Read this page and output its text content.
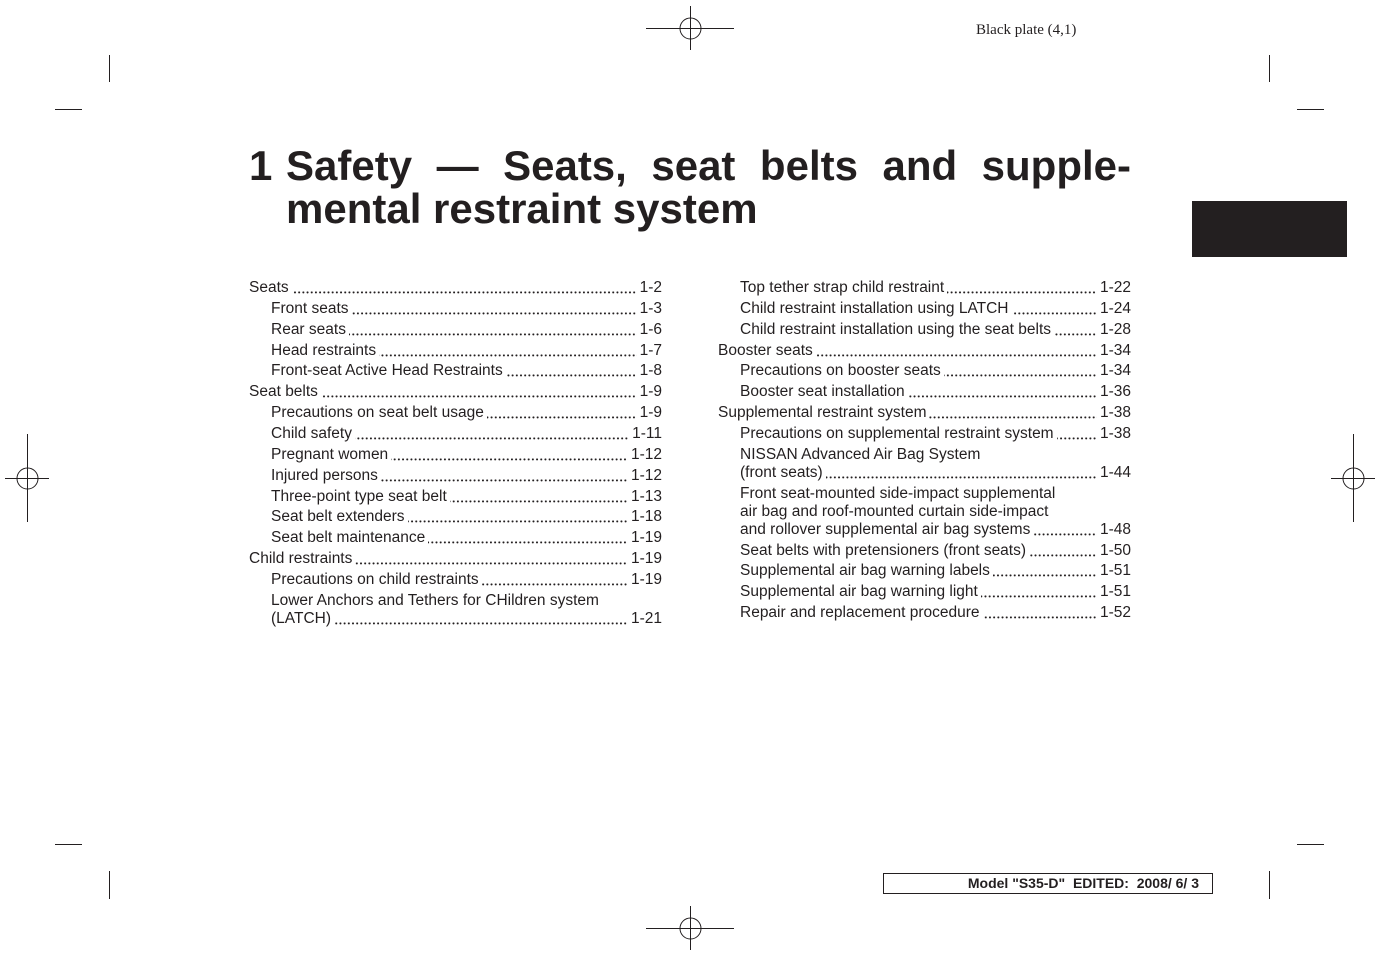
Black plate (4,1)
1 Safety — Seats, seat belts and supple-
mental restraint system
Seats	1-2
Front seats	1-3
Rear seats	1-6
Head restraints	1-7
Front-seat Active Head Restraints	1-8
Seat belts	1-9
Precautions on seat belt usage	1-9
Child safety	1-11
Pregnant women	1-12
Injured persons	1-12
Three-point type seat belt	1-13
Seat belt extenders	1-18
Seat belt maintenance	1-19
Child restraints	1-19
Precautions on child restraints	1-19
Lower Anchors and Tethers for CHildren system
(LATCH)	1-21
Top tether strap child restraint	1-22
Child restraint installation using LATCH	1-24
Child restraint installation using the seat belts	1-28
Booster seats	1-34
Precautions on booster seats	1-34
Booster seat installation	1-36
Supplemental restraint system	1-38
Precautions on supplemental restraint system	1-38
NISSAN Advanced Air Bag System
(front seats)	1-44
Front seat-mounted side-impact supplemental
air bag and roof-mounted curtain side-impact
and rollover supplemental air bag systems	1-48
Seat belts with pretensioners (front seats)	1-50
Supplemental air bag warning labels	1-51
Supplemental air bag warning light	1-51
Repair and replacement procedure	1-52
Model "S35-D"  EDITED:  2008/ 6/ 3
